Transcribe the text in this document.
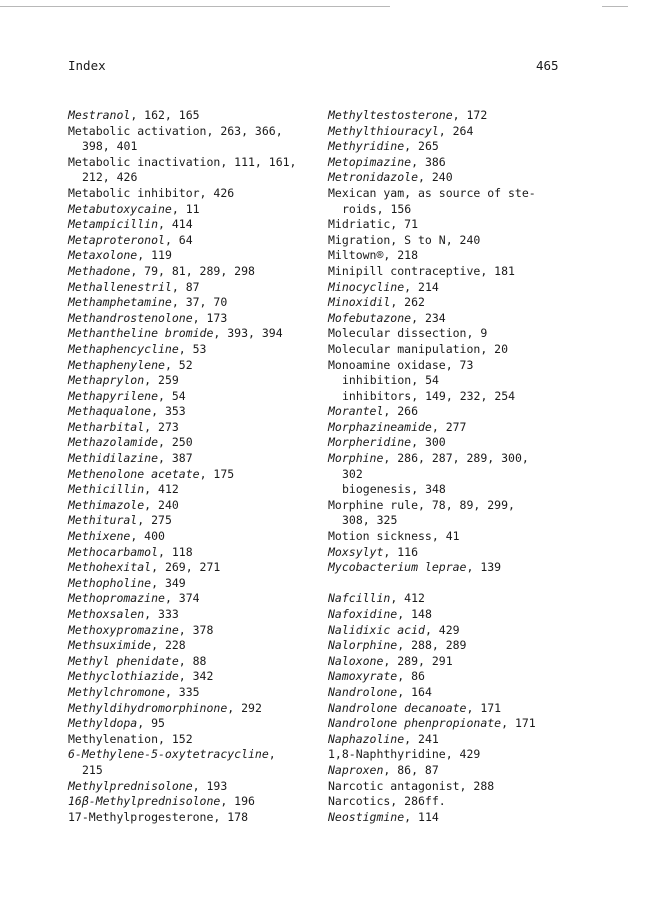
Index	465
Mestranol, 162, 165
Metabolic activation, 263, 366,
398, 401
Metabolic inactivation, 111, 161,
212, 426
Metabolic inhibitor, 426
Metabutoxycaine, 11
Metampicillin, 414
Metaproteronol, 64
Metaxolone, 119
Methadone, 79, 81, 289, 298
Methallenestril, 87
Methamphetamine, 37, 70
Methandrostenolone, 173
Methantheline bromide, 393, 394
Methaphencycline, 53
Methaphenylene, 52
Methaprylon, 259
Methapyrilene, 54
Methaqualone, 353
Metharbital, 273
Methazolamide, 250
Methidilazine, 387
Methenolone acetate, 175
Methicillin, 412
Methimazole, 240
Methitural, 275
Methixene, 400
Methocarbamol, 118
Methohexital, 269, 271
Methopholine, 349
Methopromazine, 374
Methoxsalen, 333
Methoxypromazine, 378
Methsuximide, 228
Methyl phenidate, 88
Methyclothiazide, 342
Methylchromone, 335
Methyldihydromorphinone, 292
Methyldopa, 95
Methylenation, 152
6-Methylene-5-oxytetracycline,
215
Methylprednisolone, 193
16β-Methylprednisolone, 196
17-Methylprogesterone, 178
Methyltestosterone, 172
Methylthiouracyl, 264
Methyridine, 265
Metopimazine, 386
Metronidazole, 240
Mexican yam, as source of ste-
roids, 156
Midriatic, 71
Migration, S to N, 240
Miltown®, 218
Minipill contraceptive, 181
Minocycline, 214
Minoxidil, 262
Mofebutazone, 234
Molecular dissection, 9
Molecular manipulation, 20
Monoamine oxidase, 73
inhibition, 54
inhibitors, 149, 232, 254
Morantel, 266
Morphazineamide, 277
Morpheridine, 300
Morphine, 286, 287, 289, 300,
302
biogenesis, 348
Morphine rule, 78, 89, 299,
308, 325
Motion sickness, 41
Moxsylyt, 116
Mycobacterium leprae, 139
Nafcillin, 412
Nafoxidine, 148
Nalidixic acid, 429
Nalorphine, 288, 289
Naloxone, 289, 291
Namoxyrate, 86
Nandrolone, 164
Nandrolone decanoate, 171
Nandrolone phenpropionate, 171
Naphazoline, 241
1,8-Naphthyridine, 429
Naproxen, 86, 87
Narcotic antagonist, 288
Narcotics, 286ff.
Neostigmine, 114
